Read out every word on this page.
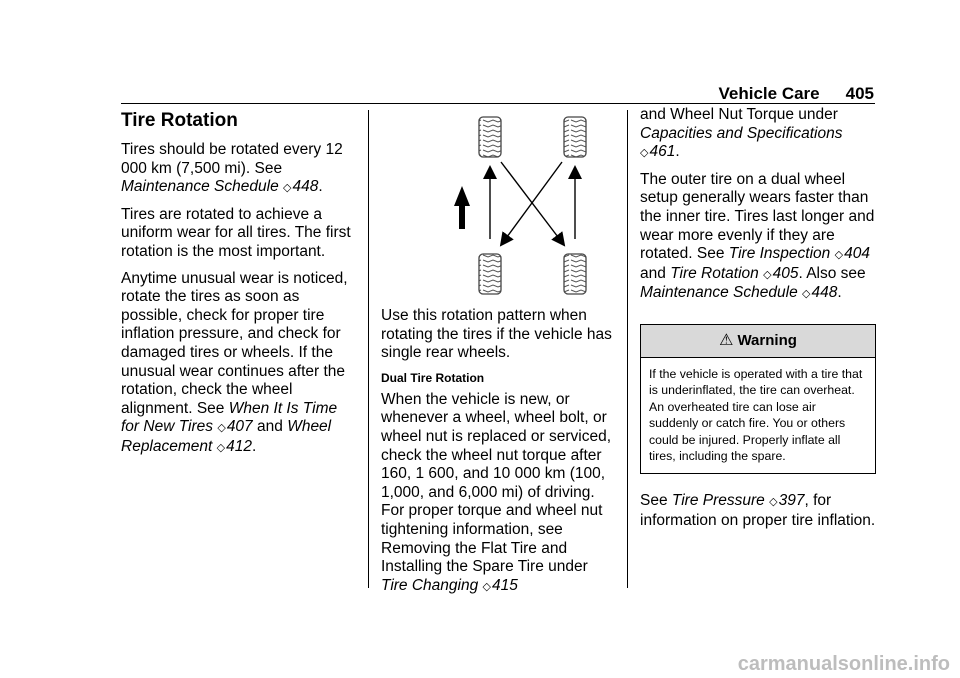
Vehicle Care 405
Tire Rotation

Tires should be rotated every 12 000 km (7,500 mi). See Maintenance Schedule ◇448.

Tires are rotated to achieve a uniform wear for all tires. The first rotation is the most important.

Anytime unusual wear is noticed, rotate the tires as soon as possible, check for proper tire inflation pressure, and check for damaged tires or wheels. If the unusual wear continues after the rotation, check the wheel alignment. See When It Is Time for New Tires ◇407 and Wheel Replacement ◇412.

Use this rotation pattern when rotating the tires if the vehicle has single rear wheels.

Dual Tire Rotation

When the vehicle is new, or whenever a wheel, wheel bolt, or wheel nut is replaced or serviced, check the wheel nut torque after 160, 1 600, and 10 000 km (100, 1,000, and 6,000 mi) of driving. For proper torque and wheel nut tightening information, see Removing the Flat Tire and Installing the Spare Tire under Tire Changing ◇415

and Wheel Nut Torque under
Capacities and Specifications
◇461.

The outer tire on a dual wheel setup generally wears faster than the inner tire. Tires last longer and wear more evenly if they are rotated. See Tire Inspection ◇404 and Tire Rotation ◇405. Also see Maintenance Schedule ◇448.

⚠ Warning
If the vehicle is operated with a tire that is underinflated, the tire can overheat. An overheated tire can lose air suddenly or catch fire. You or others could be injured. Properly inflate all tires, including the spare.

See Tire Pressure ◇397, for information on proper tire inflation.

carmanualsonline.info
